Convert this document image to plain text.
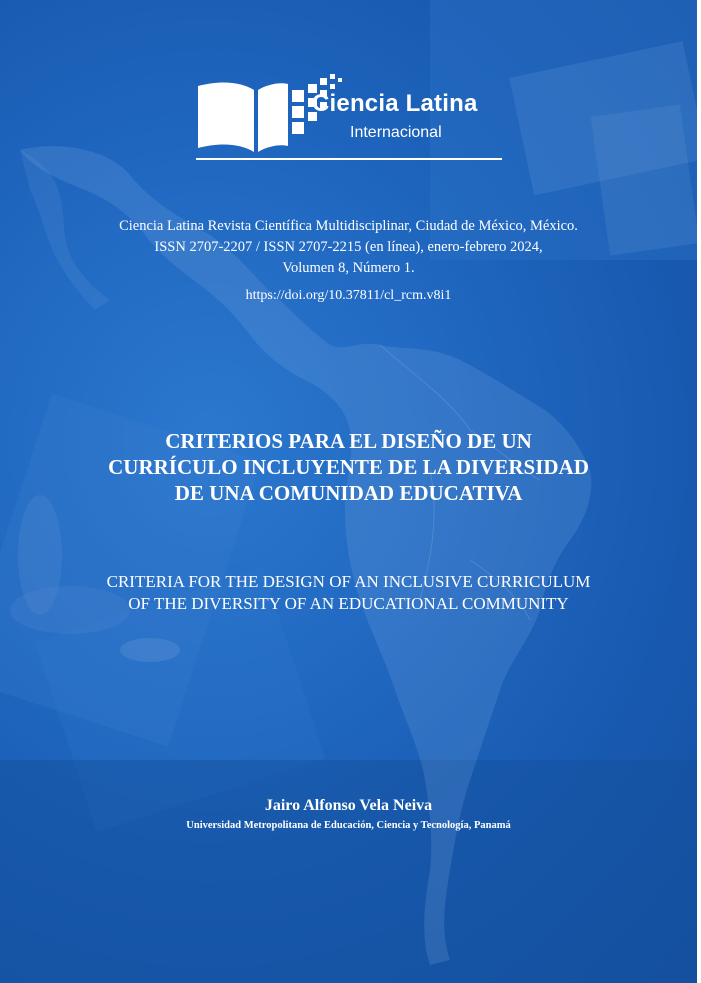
Ciencia Latina
Internacional
Ciencia Latina Revista Científica Multidisciplinar, Ciudad de México, México.
ISSN 2707-2207 / ISSN 2707-2215 (en línea), enero-febrero 2024,
Volumen 8, Número 1.
https://doi.org/10.37811/cl_rcm.v8i1
CRITERIOS PARA EL DISEÑO DE UN
CURRÍCULO INCLUYENTE DE LA DIVERSIDAD
DE UNA COMUNIDAD EDUCATIVA
CRITERIA FOR THE DESIGN OF AN INCLUSIVE CURRICULUM
OF THE DIVERSITY OF AN EDUCATIONAL COMMUNITY
Jairo Alfonso Vela Neiva
Universidad Metropolitana de Educación, Ciencia y Tecnología, Panamá
